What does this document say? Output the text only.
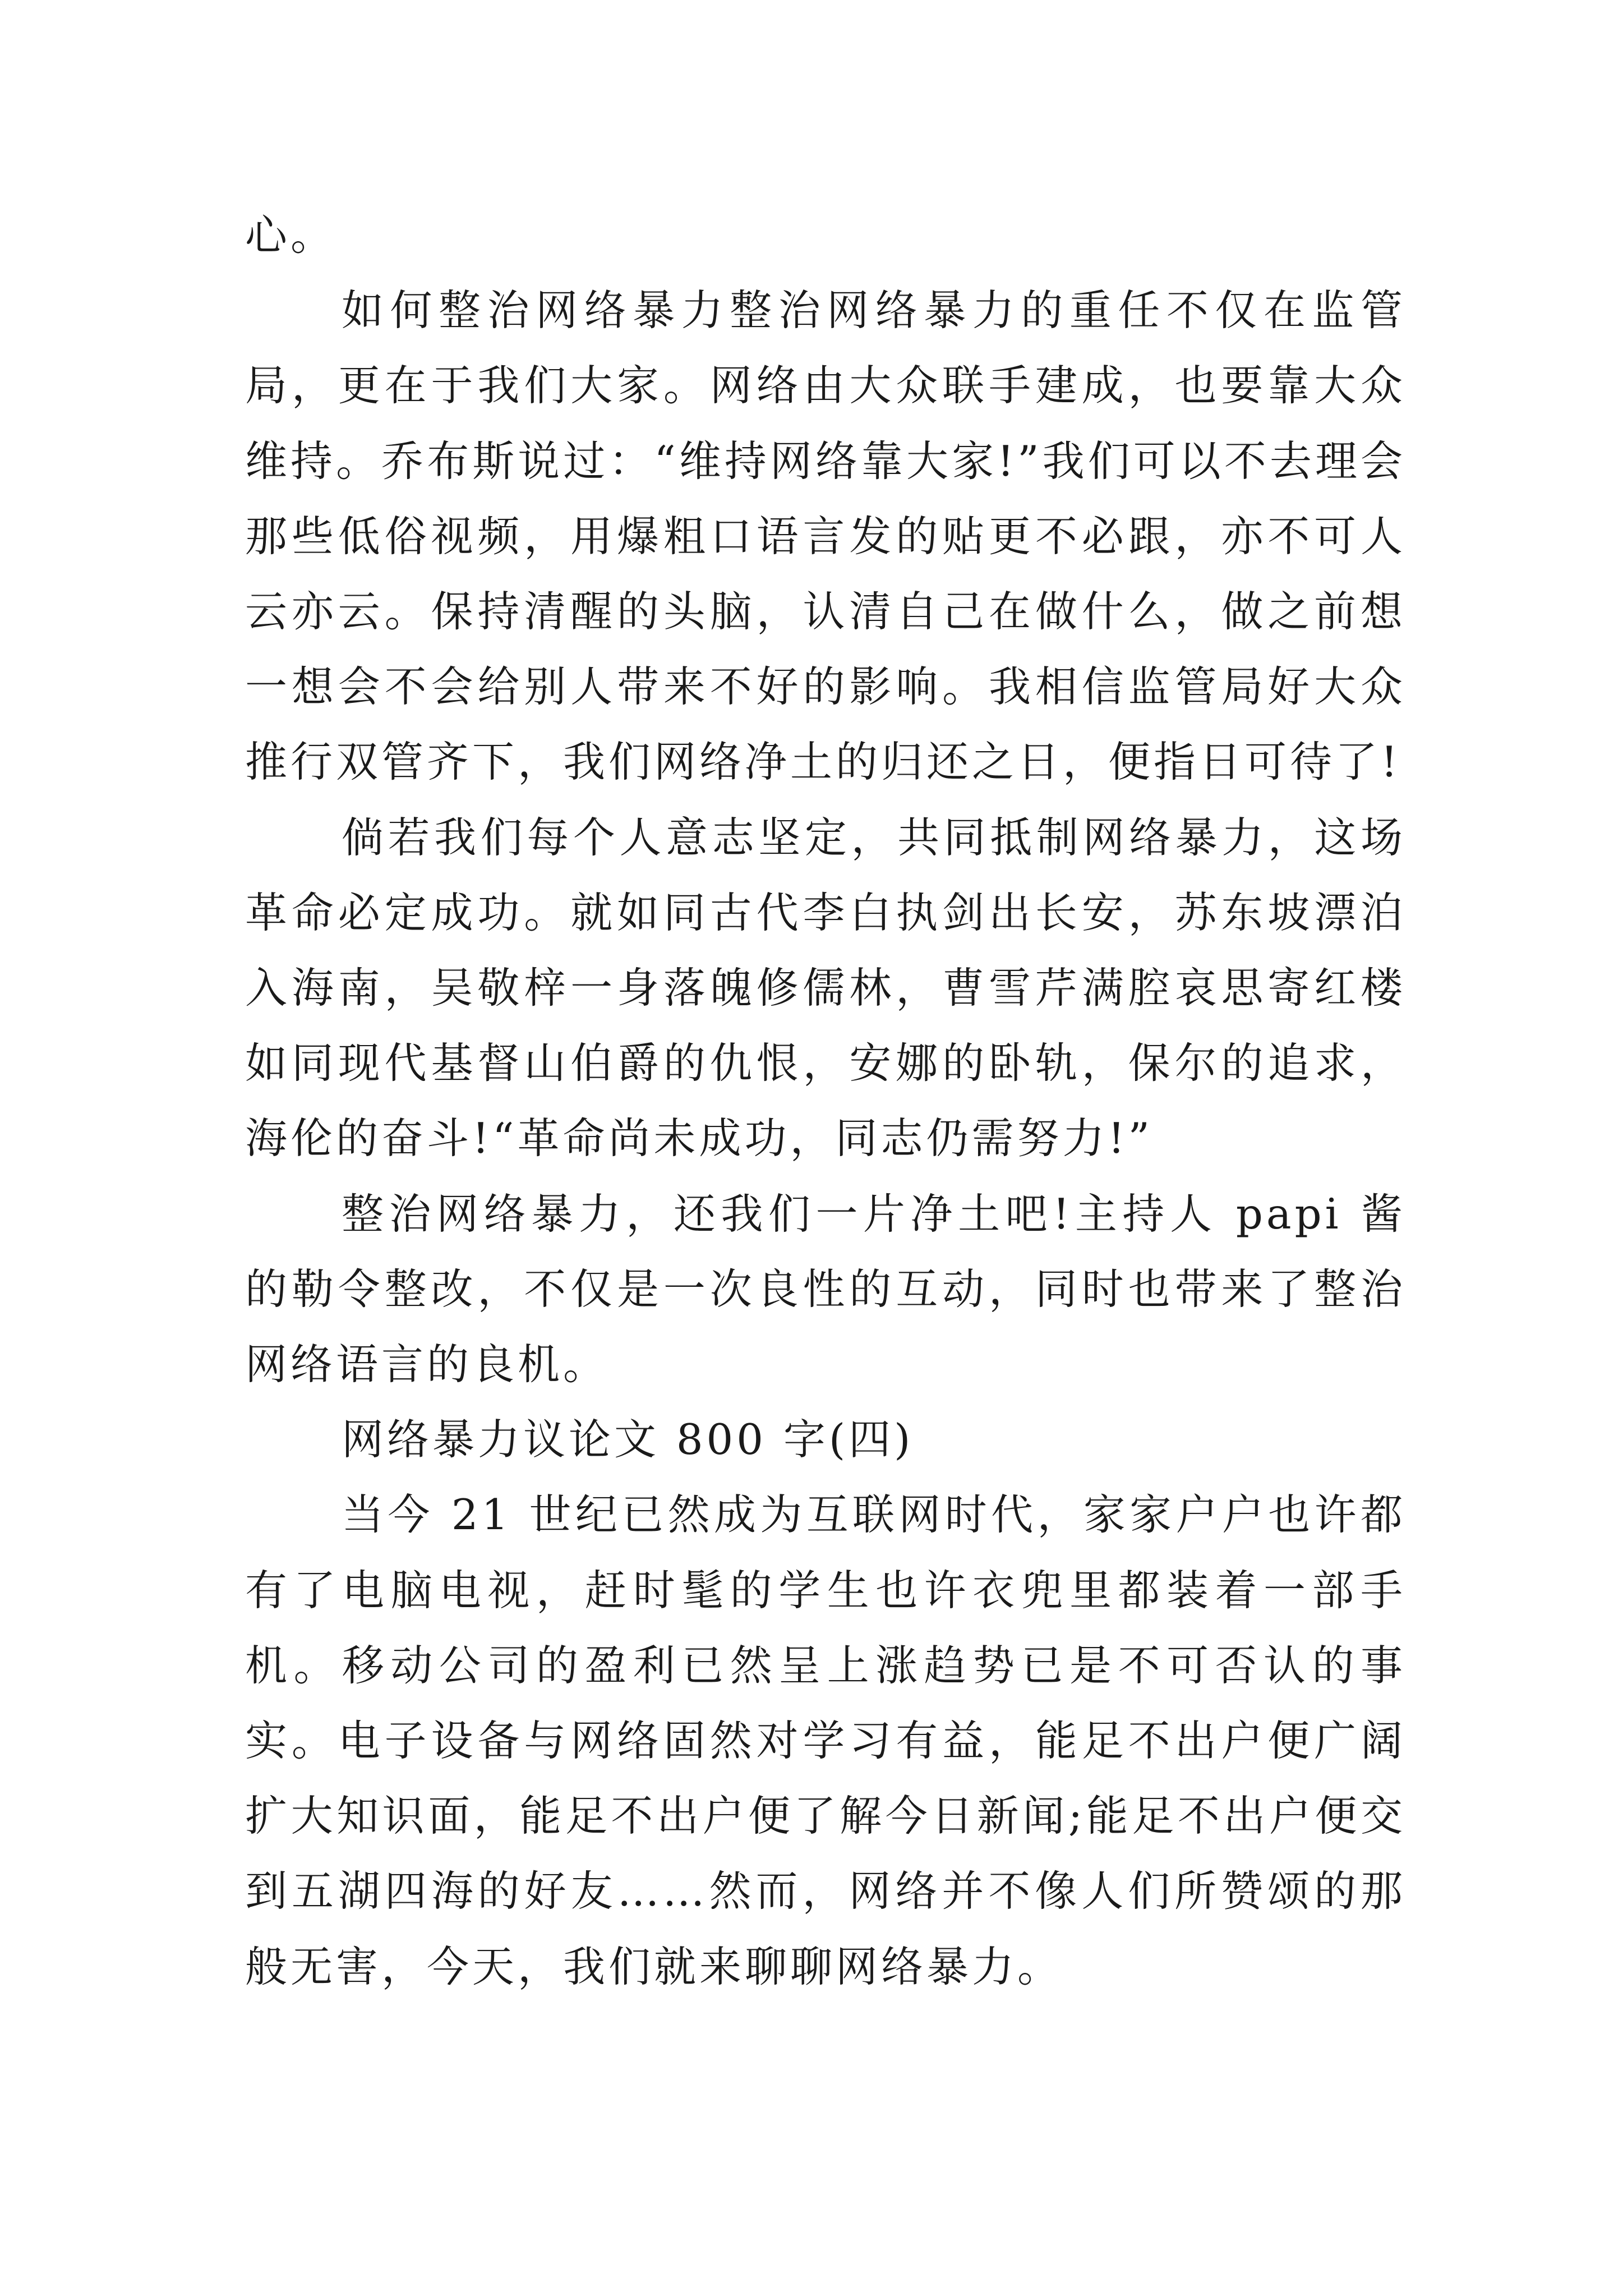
心。

如何整治网络暴力整治网络暴力的重任不仅在监管局，更在于我们大家。网络由大众联手建成，也要靠大众维持。乔布斯说过：“维持网络靠大家!”我们可以不去理会那些低俗视频，用爆粗口语言发的贴更不必跟，亦不可人云亦云。保持清醒的头脑，认清自己在做什么，做之前想一想会不会给别人带来不好的影响。我相信监管局好大众推行双管齐下，我们网络净土的归还之日，便指日可待了!

倘若我们每个人意志坚定，共同抵制网络暴力，这场革命必定成功。就如同古代李白执剑出长安，苏东坡漂泊入海南，吴敬梓一身落魄修儒林，曹雪芹满腔哀思寄红楼如同现代基督山伯爵的仇恨，安娜的卧轨，保尔的追求，海伦的奋斗!“革命尚未成功，同志仍需努力!”

整治网络暴力，还我们一片净土吧!主持人 papi 酱的勒令整改，不仅是一次良性的互动，同时也带来了整治网络语言的良机。

网络暴力议论文 800 字(四)

当今 21 世纪已然成为互联网时代，家家户户也许都有了电脑电视，赶时髦的学生也许衣兜里都装着一部手机。移动公司的盈利已然呈上涨趋势已是不可否认的事实。电子设备与网络固然对学习有益，能足不出户便广阔扩大知识面，能足不出户便了解今日新闻;能足不出户便交到五湖四海的好友……然而，网络并不像人们所赞颂的那般无害，今天，我们就来聊聊网络暴力。
